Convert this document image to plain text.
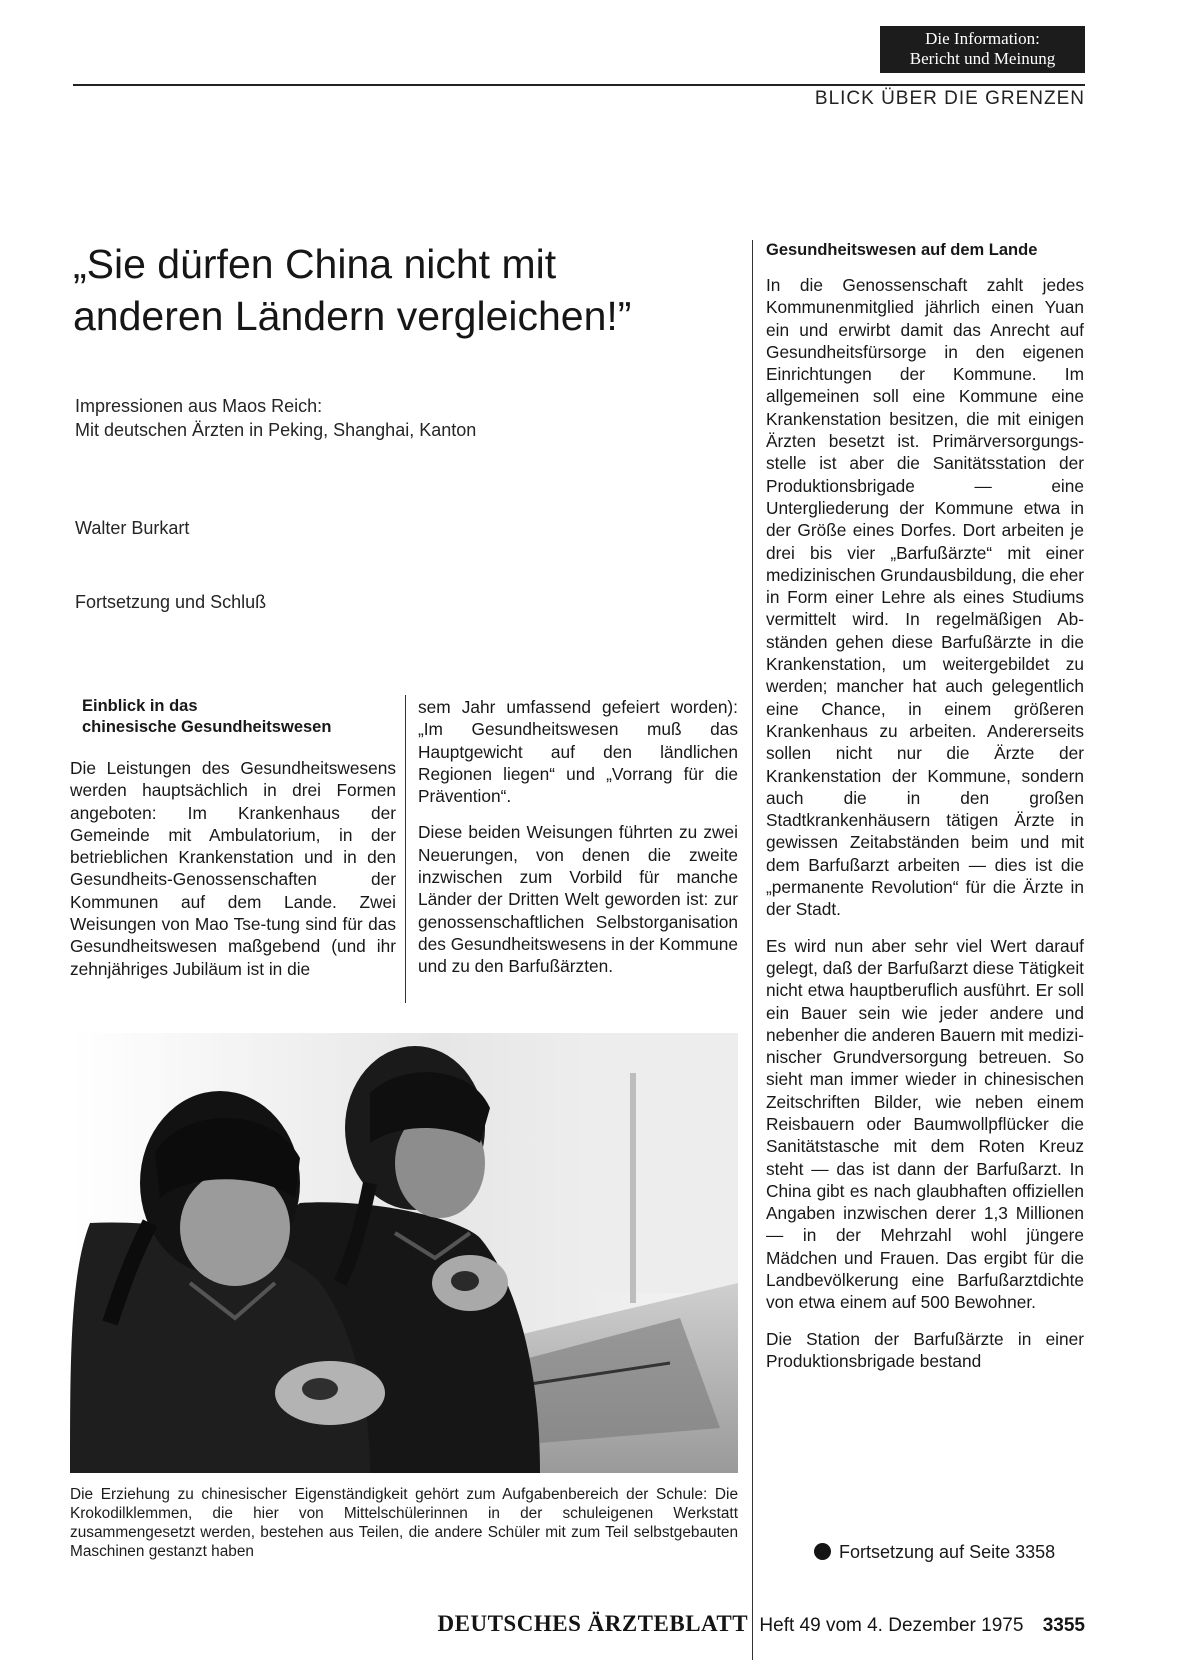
Die Information:
Bericht und Meinung
BLICK ÜBER DIE GRENZEN
„Sie dürfen China nicht mit
anderen Ländern vergleichen!”
Impressionen aus Maos Reich:
Mit deutschen Ärzten in Peking, Shanghai, Kanton
Walter Burkart
Fortsetzung und Schluß
Einblick in das
chinesische Gesundheitswesen

Die Leistungen des Gesundheitswesens werden hauptsächlich in drei Formen angeboten: Im Krankenhaus der Gemeinde mit Ambulatorium, in der betrieblichen Krankenstation und in den Gesundheits-Genossenschaften der Kommunen auf dem Lande. Zwei Weisungen von Mao Tse-tung sind für das Gesundheitswesen maßgebend (und ihr zehnjähriges Jubiläum ist in die

sem Jahr umfassend gefeiert worden): „Im Gesundheitswesen muß das Hauptgewicht auf den ländlichen Regionen liegen“ und „Vorrang für die Prävention“.

Diese beiden Weisungen führten zu zwei Neuerungen, von denen die zweite inzwischen zum Vorbild für manche Länder der Dritten Welt geworden ist: zur genossenschaftlichen Selbstorganisation des Gesundheitswesens in der Kommune und zu den Barfußärzten.

Gesundheitswesen auf dem Lande

In die Genossenschaft zahlt jedes Kommunenmitglied jährlich einen Yuan ein und erwirbt damit das Anrecht auf Gesundheitsfürsorge in den eigenen Einrichtungen der Kommune. Im allgemeinen soll eine Kommune eine Krankenstation besitzen, die mit einigen Ärzten besetzt ist. Primärversorgungsstelle ist aber die Sanitätsstation der Produktionsbrigade — eine Untergliederung der Kommune etwa in der Größe eines Dorfes. Dort arbeiten je drei bis vier „Barfußärzte“ mit einer medizinischen Grundausbildung, die eher in Form einer Lehre als eines Studiums vermittelt wird. In regelmäßigen Abständen gehen diese Barfußärzte in die Krankenstation, um weitergebildet zu werden; mancher hat auch gelegentlich eine Chance, in einem größeren Krankenhaus zu arbeiten. Andererseits sollen nicht nur die Ärzte der Krankenstation der Kommune, sondern auch die in den großen Stadtkrankenhäusern tätigen Ärzte in gewissen Zeitabständen beim und mit dem Barfußarzt arbeiten — dies ist die „permanente Revolution“ für die Ärzte in der Stadt.

Es wird nun aber sehr viel Wert darauf gelegt, daß der Barfußarzt diese Tätigkeit nicht etwa hauptberuflich ausführt. Er soll ein Bauer sein wie jeder andere und nebenher die anderen Bauern mit medizinischer Grundversorgung betreuen. So sieht man immer wieder in chinesischen Zeitschriften Bilder, wie neben einem Reisbauern oder Baumwollpflücker die Sanitätstasche mit dem Roten Kreuz steht — das ist dann der Barfußarzt. In China gibt es nach glaubhaften offiziellen Angaben inzwischen derer 1,3 Millionen — in der Mehrzahl wohl jüngere Mädchen und Frauen. Das ergibt für die Landbevölkerung eine Barfußarztdichte von etwa einem auf 500 Bewohner.

Die Station der Barfußärzte in einer Produktionsbrigade bestand

Die Erziehung zu chinesischer Eigenständigkeit gehört zum Aufgabenbereich der Schule: Die Krokodilklemmen, die hier von Mittelschülerinnen in der schuleigenen Werkstatt zusammengesetzt werden, bestehen aus Teilen, die andere Schüler mit zum Teil selbstgebauten Maschinen gestanzt haben	Fortsetzung auf Seite 3358
DEUTSCHES ÄRZTEBLATT Heft 49 vom 4. Dezember 1975 3355
